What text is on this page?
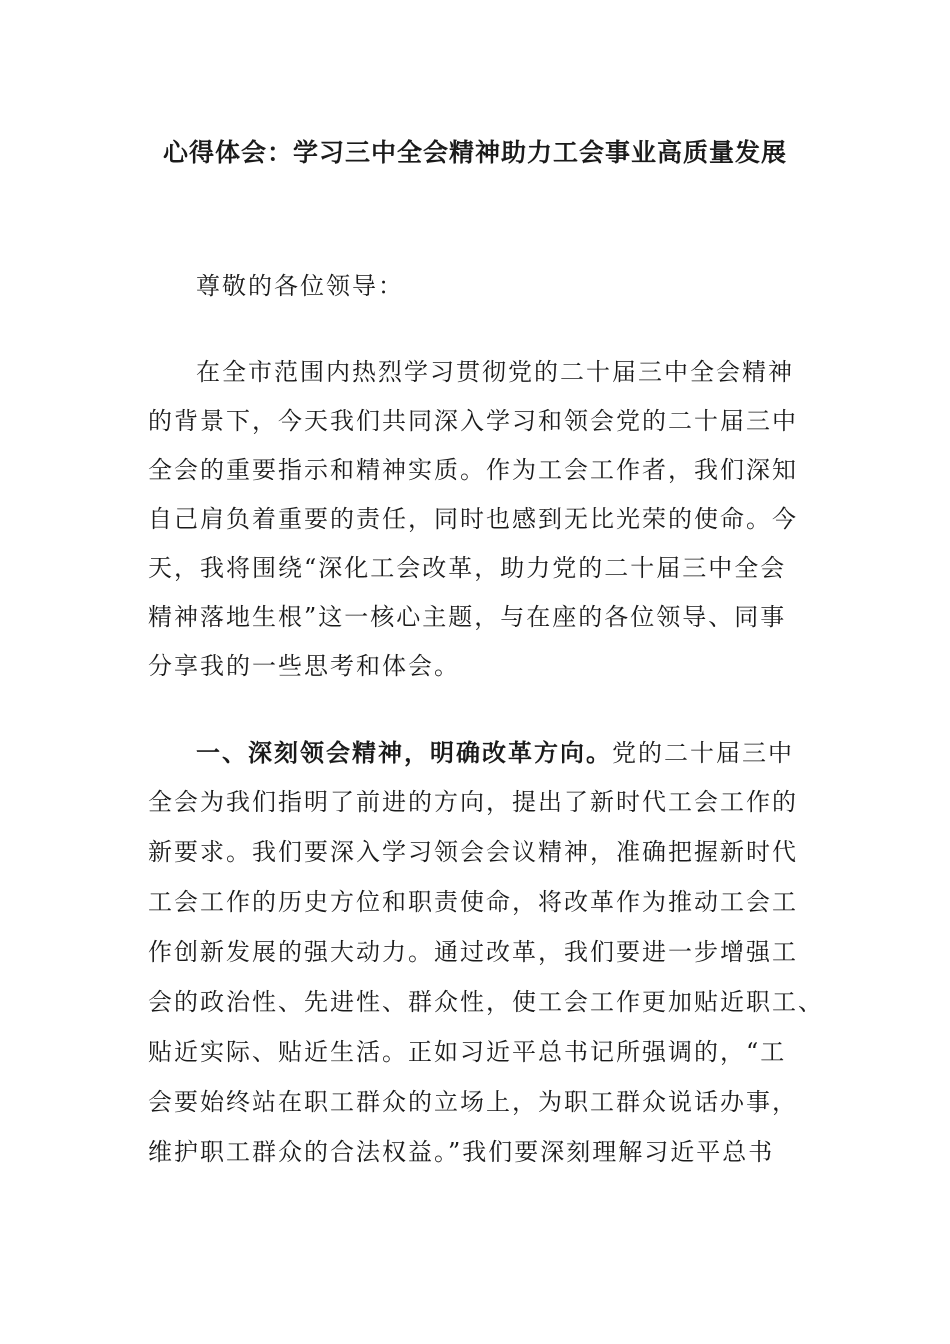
心得体会：学习三中全会精神助力工会事业高质量发展
尊敬的各位领导：
在全市范围内热烈学习贯彻党的二十届三中全会精神
的背景下，今天我们共同深入学习和领会党的二十届三中
全会的重要指示和精神实质。作为工会工作者，我们深知
自己肩负着重要的责任，同时也感到无比光荣的使命。今
天，我将围绕“深化工会改革，助力党的二十届三中全会
精神落地生根”这一核心主题，与在座的各位领导、同事
分享我的一些思考和体会。
一、深刻领会精神，明确改革方向。党的二十届三中
全会为我们指明了前进的方向，提出了新时代工会工作的
新要求。我们要深入学习领会会议精神，准确把握新时代
工会工作的历史方位和职责使命，将改革作为推动工会工
作创新发展的强大动力。通过改革，我们要进一步增强工
会的政治性、先进性、群众性，使工会工作更加贴近职工、
贴近实际、贴近生活。正如习近平总书记所强调的，“工
会要始终站在职工群众的立场上，为职工群众说话办事，
维护职工群众的合法权益。”我们要深刻理解习近平总书
